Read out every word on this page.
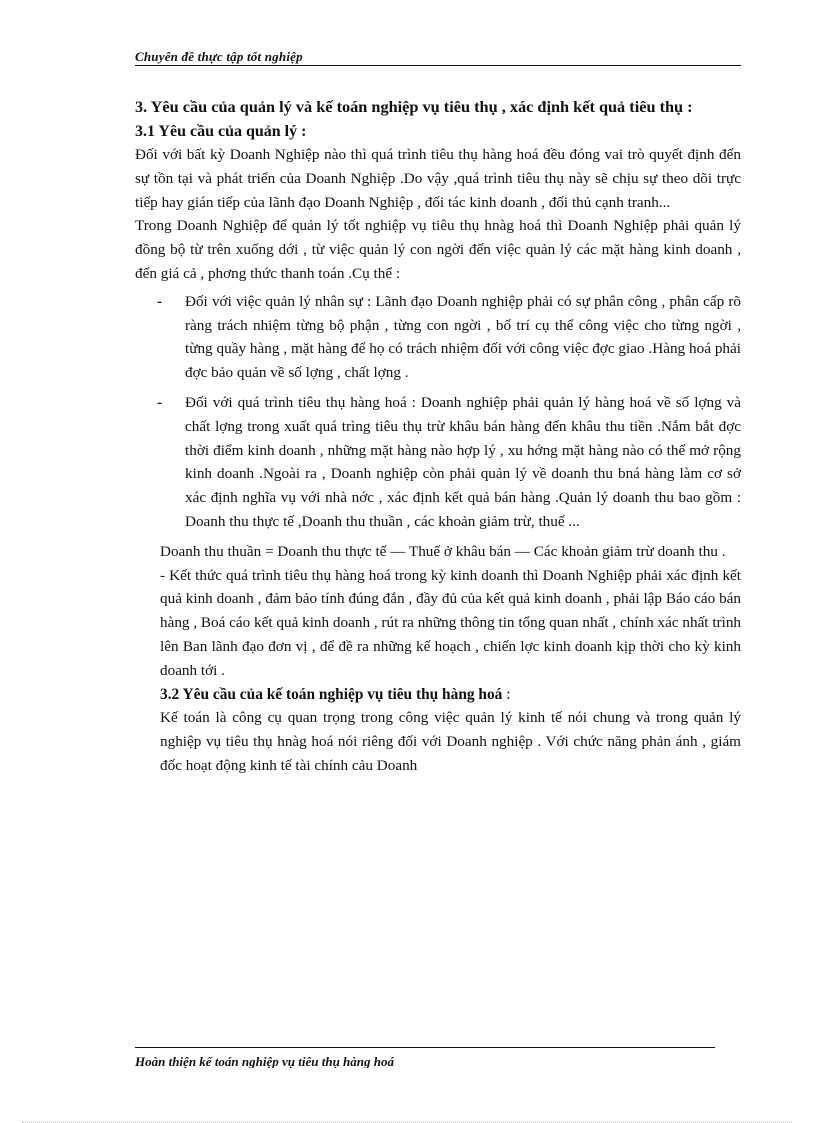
Chuyên đề thực tập tốt nghiệp

3. Yêu cầu của quản lý và kế toán nghiệp vụ tiêu thụ , xác định kết quả tiêu thụ :

3.1 Yêu cầu của quản lý :

Đối với bất kỳ Doanh Nghiệp nào thì quá trình tiêu thụ hàng hoá đều đóng vai trò quyết định đến sự tồn tại và phát triển của Doanh Nghiệp .Do vậy ,quá trình tiêu thụ này sẽ chịu sự theo dõi trực tiếp hay gián tiếp của lãnh đạo Doanh Nghiệp , đối tác kinh doanh , đối thủ cạnh tranh...

Trong Doanh Nghiệp để quản lý tốt nghiệp vụ tiêu thụ hnàg hoá thì Doanh Nghiệp phải quản lý đồng bộ từ trên xuống dới , từ việc quản lý con ngời đến việc quản lý các mặt hàng kinh doanh , đến giá cả , phơng thức thanh toán .Cụ thể :

- Đối với việc quản lý nhân sự : Lãnh đạo Doanh nghiệp phải có sự phân công , phân cấp rõ ràng trách nhiệm từng bộ phận , từng con ngời , bố trí cụ thể công việc cho từng ngời , từng quầy hàng , mặt hàng để họ có trách nhiệm đối với công việc đợc giao .Hàng hoá phải đợc bảo quản về số lợng , chất lợng .
- Đối với quá trình tiêu thụ hàng hoá : Doanh nghiệp phải quản lý hàng hoá về số lợng và chất lợng trong xuất quá trìng tiêu thụ trừ khâu bán hàng đến khâu thu tiền .Nắm bắt đợc thời điểm kinh doanh , những mặt hàng nào hợp lý , xu hớng mặt hàng nào có thể mở rộng kinh doanh .Ngoài ra , Doanh nghiệp còn phải quản lý về doanh thu bná hàng làm cơ sở xác định nghĩa vụ với nhà nớc , xác định kết quả bán hàng .Quản lý doanh thu bao gồm : Doanh thu thực tế ,Doanh thu thuần , các khoản giảm trừ, thuế ...

Doanh thu thuần = Doanh thu thực tế — Thuế ở khâu bán — Các khoản giảm trừ doanh thu .

- Kết thức quá trình tiêu thụ hàng hoá trong kỳ kinh doanh thì Doanh Nghiệp phải xác định kết quả kinh doanh , đảm bảo tính đúng đắn , đầy đủ của kết quả kinh doanh , phải lập Báo cáo bán hàng , Boá cáo kết quả kinh doanh , rút ra những thông tin tổng quan nhất , chính xác nhất trình lên Ban lãnh đạo đơn vị , để đề ra những kế hoạch , chiến lợc kinh doanh kịp thời cho kỳ kinh doanh tới .

3.2 Yêu cầu của kế toán nghiệp vụ tiêu thụ hàng hoá :

Kế toán là công cụ quan trọng trong công việc quản lý kinh tế nói chung và trong quản lý nghiệp vụ tiêu thụ hnàg hoá nói riêng đối với Doanh nghiệp . Với chức năng phản ánh , giám đốc hoạt động kinh tế tài chính cảu Doanh

Hoàn thiện kế toán nghiệp vụ tiêu thụ hàng hoá
